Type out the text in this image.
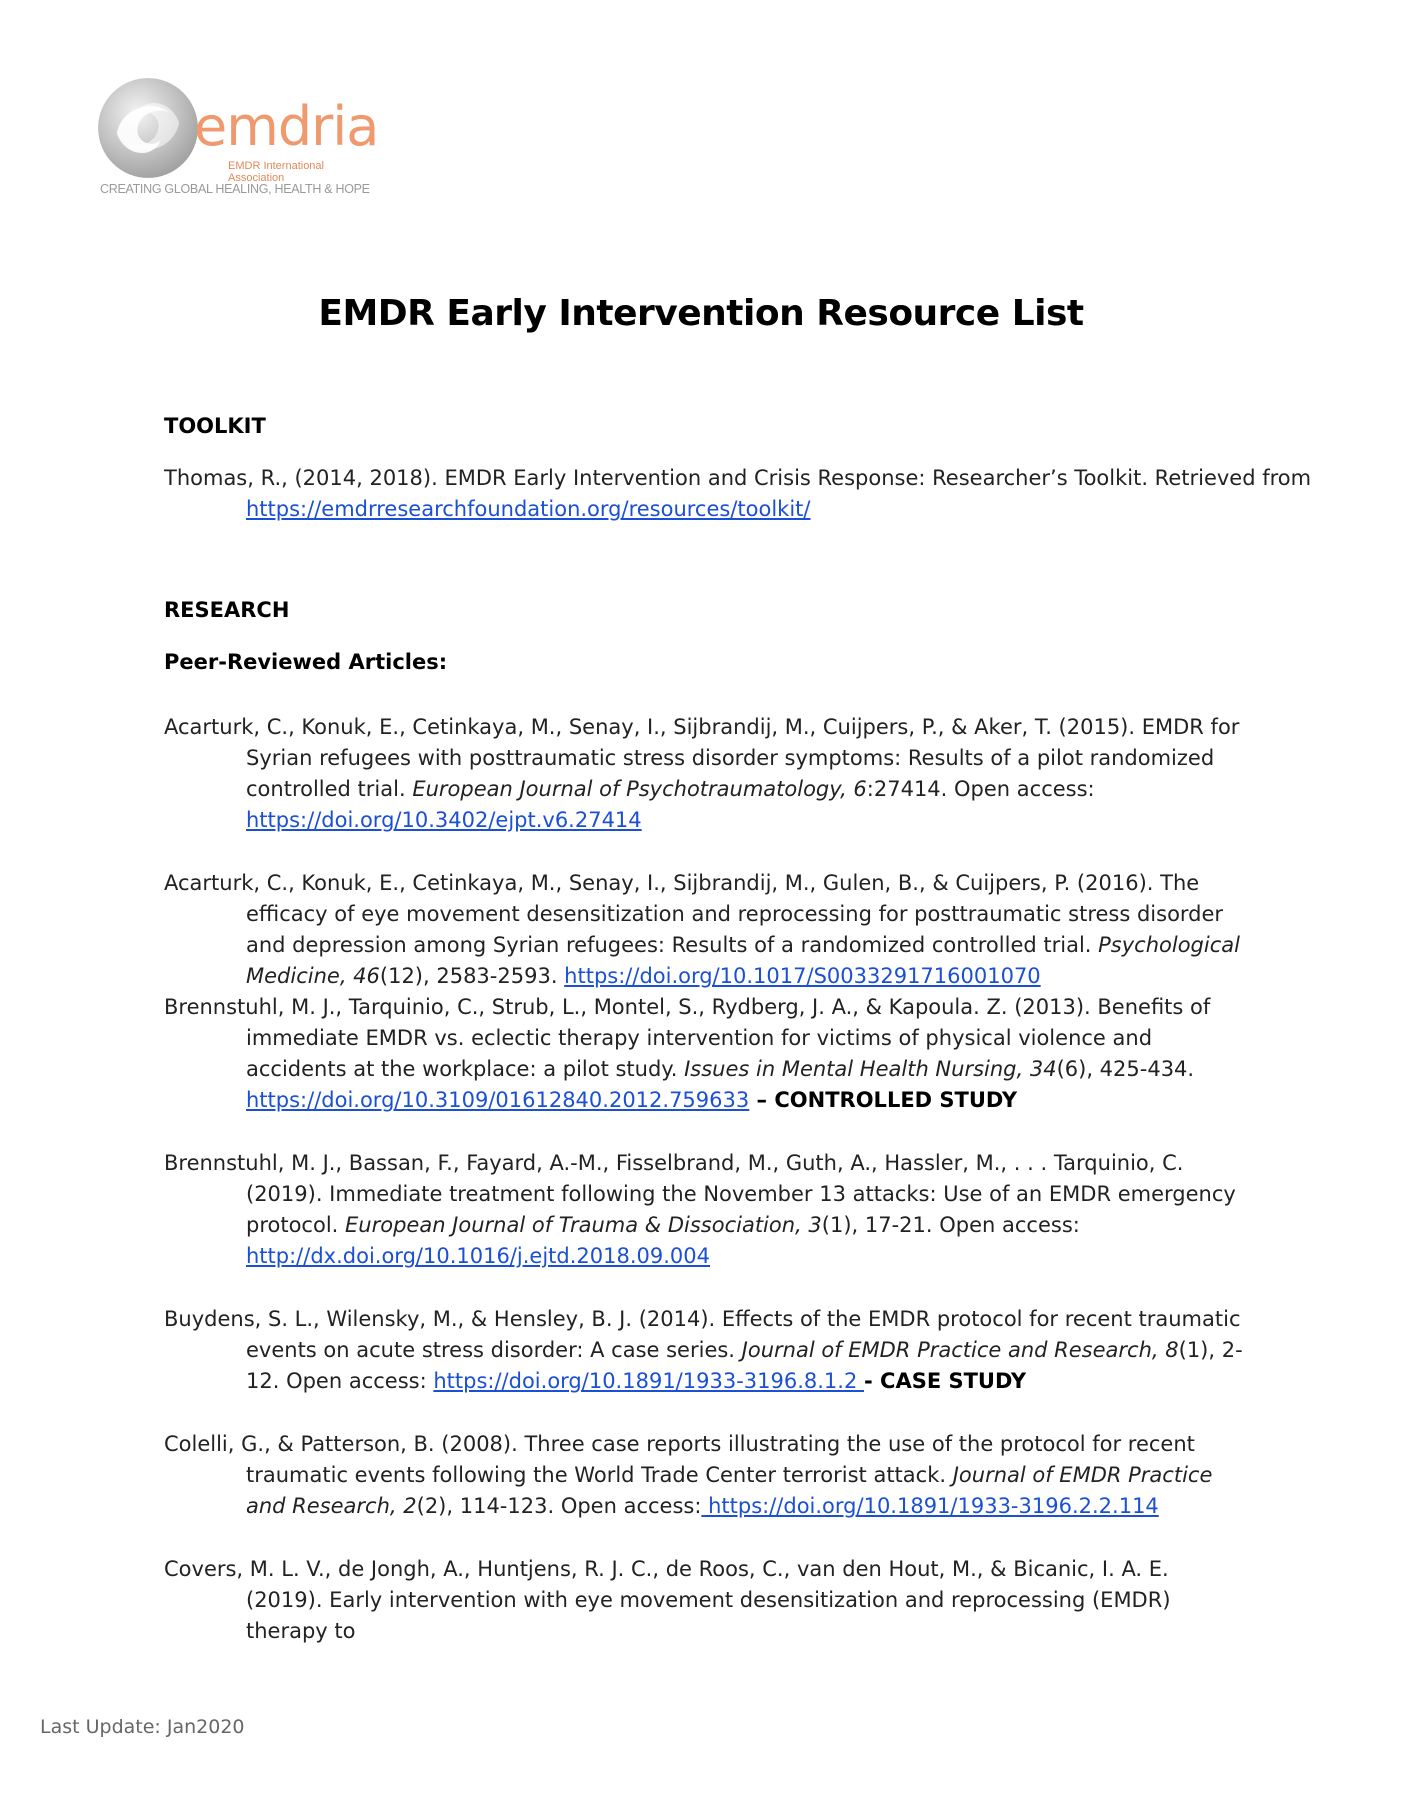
emdria
EMDR International Association
CREATING GLOBAL HEALING, HEALTH & HOPE
EMDR Early Intervention Resource List
TOOLKIT
Thomas, R., (2014, 2018). EMDR Early Intervention and Crisis Response: Researcher’s Toolkit. Retrieved from https://emdrresearchfoundation.org/resources/toolkit/
RESEARCH
Peer-Reviewed Articles:
Acarturk, C., Konuk, E., Cetinkaya, M., Senay, I., Sijbrandij, M., Cuijpers, P., & Aker, T. (2015). EMDR for Syrian refugees with posttraumatic stress disorder symptoms: Results of a pilot randomized controlled trial. European Journal of Psychotraumatology, 6:27414. Open access: https://doi.org/10.3402/ejpt.v6.27414
Acarturk, C., Konuk, E., Cetinkaya, M., Senay, I., Sijbrandij, M., Gulen, B., & Cuijpers, P. (2016). The efficacy of eye movement desensitization and reprocessing for posttraumatic stress disorder and depression among Syrian refugees: Results of a randomized controlled trial. Psychological Medicine, 46(12), 2583-2593. https://doi.org/10.1017/S0033291716001070
Brennstuhl, M. J., Tarquinio, C., Strub, L., Montel, S., Rydberg, J. A., & Kapoula. Z. (2013). Benefits of immediate EMDR vs. eclectic therapy intervention for victims of physical violence and accidents at the workplace: a pilot study. Issues in Mental Health Nursing, 34(6), 425-434. https://doi.org/10.3109/01612840.2012.759633 – CONTROLLED STUDY
Brennstuhl, M. J., Bassan, F., Fayard, A.-M., Fisselbrand, M., Guth, A., Hassler, M., . . . Tarquinio, C. (2019). Immediate treatment following the November 13 attacks: Use of an EMDR emergency protocol. European Journal of Trauma & Dissociation, 3(1), 17-21. Open access: http://dx.doi.org/10.1016/j.ejtd.2018.09.004
Buydens, S. L., Wilensky, M., & Hensley, B. J. (2014). Effects of the EMDR protocol for recent traumatic events on acute stress disorder: A case series. Journal of EMDR Practice and Research, 8(1), 2-12. Open access: https://doi.org/10.1891/1933-3196.8.1.2 - CASE STUDY
Colelli, G., & Patterson, B. (2008). Three case reports illustrating the use of the protocol for recent traumatic events following the World Trade Center terrorist attack. Journal of EMDR Practice and Research, 2(2), 114-123. Open access: https://doi.org/10.1891/1933-3196.2.2.114
Covers, M. L. V., de Jongh, A., Huntjens, R. J. C., de Roos, C., van den Hout, M., & Bicanic, I. A. E. (2019). Early intervention with eye movement desensitization and reprocessing (EMDR) therapy to
Last Update: Jan2020
